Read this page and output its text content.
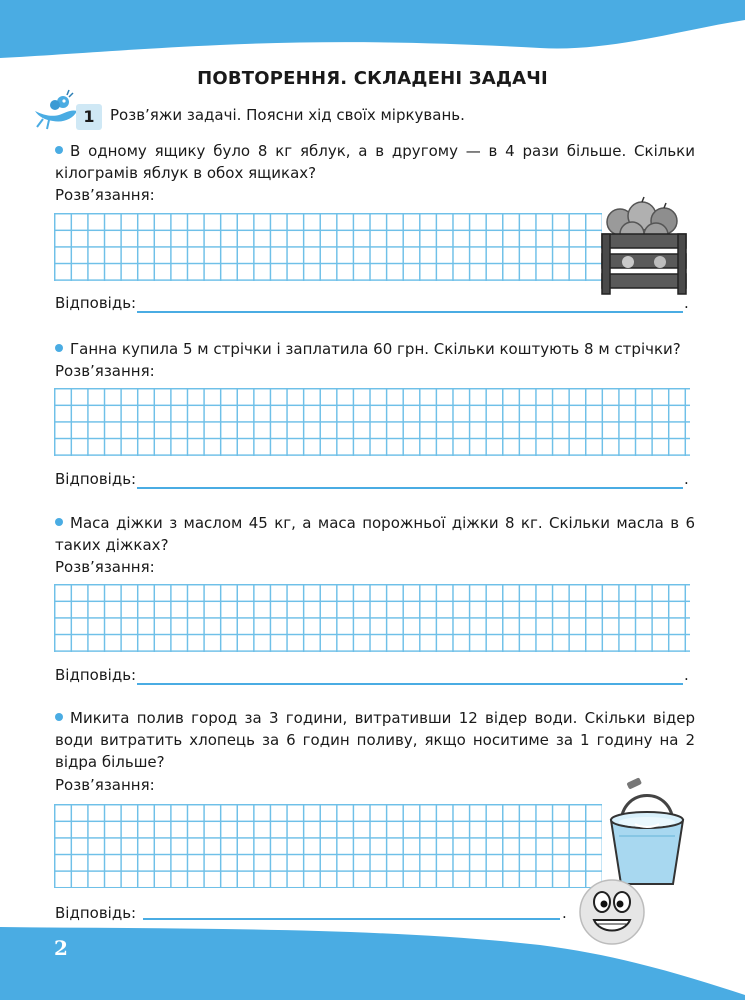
ПОВТОРЕННЯ. СКЛАДЕНІ ЗАДАЧІ
1	Розв’яжи задачі. Поясни хід своїх міркувань.
В одному ящику було 8 кг яблук, а в другому — в 4 рази більше. Скільки кілограмів яблук в обох ящиках?
Розв’язання:
Відповідь:	.
Ганна купила 5 м стрічки і заплатила 60 грн. Скільки коштують 8 м стрічки?
Розв’язання:
Відповідь:	.
Маса діжки з маслом 45 кг, а маса порожньої діжки 8 кг. Скільки масла в 6 таких діжках?
Розв’язання:
Відповідь:	.
Микита полив город за 3 години, витративши 12 відер води. Скільки відер води витратить хлопець за 6 годин поливу, якщо носитиме за 1 годину на 2 відра більше?
Розв’язання:
Відповідь:	.
2
